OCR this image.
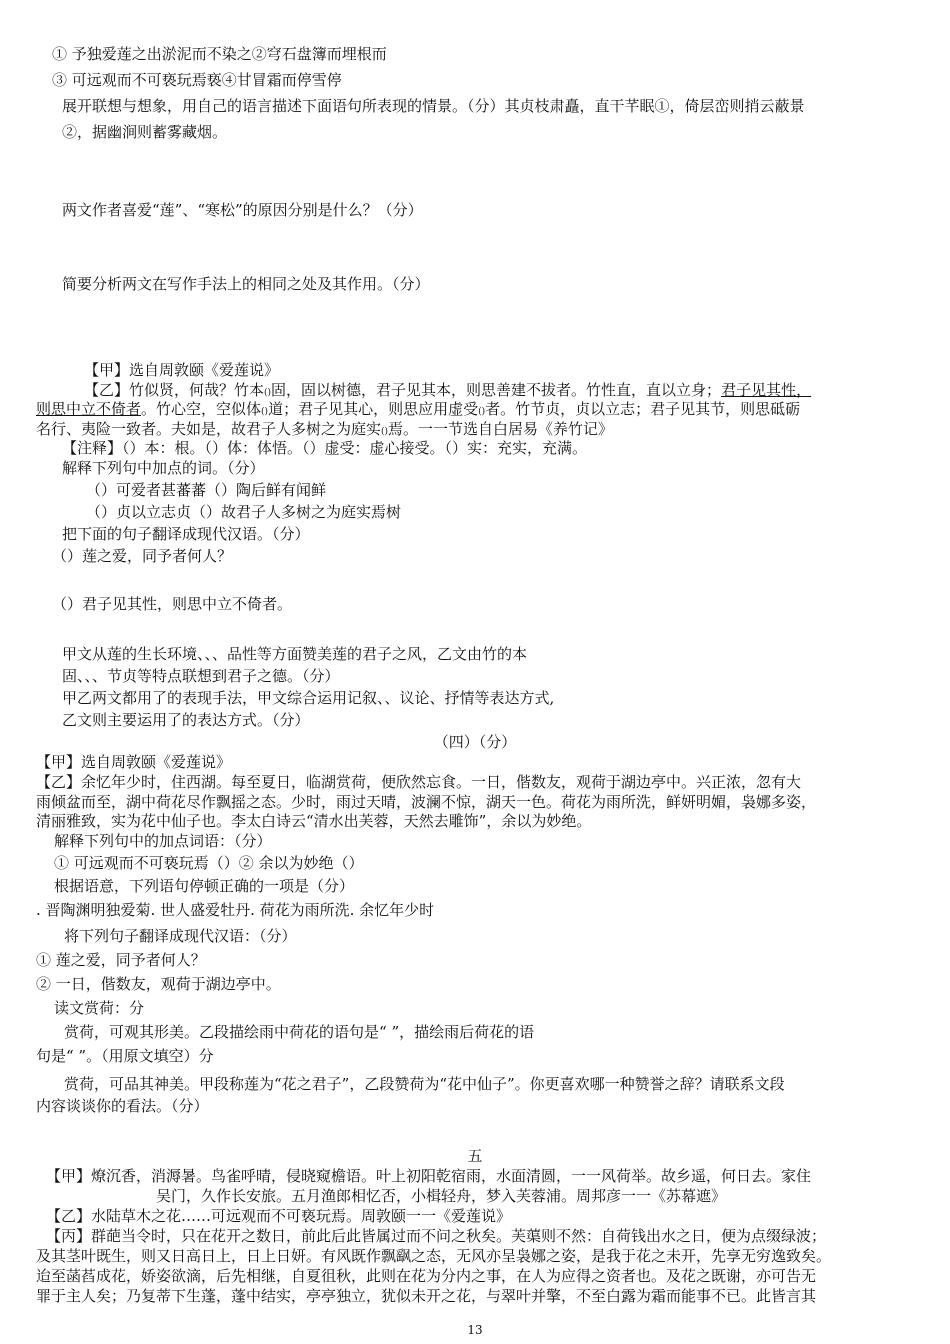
① 予独爱莲之出淤泥而不染之②穹石盘簿而埋根而
③ 可远观而不可亵玩焉亵④甘冒霜而停雪停
展开联想与想象，用自己的语言描述下面语句所表现的情景。（分）其贞枝肃矗，直干芊眠①，倚层峦则捎云蔽景
②，据幽涧则蓄雾藏烟。
两文作者喜爱“莲”、“寒松”的原因分别是什么？（分）
简要分析两文在写作手法上的相同之处及其作用。（分）
【甲】选自周敦颐《爱莲说》
【乙】竹似贤，何哉？竹本()固，固以树德，君子见其本，则思善建不拔者。竹性直，直以立身；君子见其性，
则思中立不倚者。竹心空，空似体()道；君子见其心，则思应用虚受()者。竹节贞，贞以立志；君子见其节，则思砥砺
名行、夷险一致者。夫如是，故君子人多树之为庭实()焉。一一节选自白居易《养竹记》
【注释】（）本：根。（）体：体悟。（）虚受：虚心接受。（）实：充实，充满。
解释下列句中加点的词。（分）
（）可爱者甚蕃蕃（）陶后鲜有闻鲜
（）贞以立志贞（）故君子人多树之为庭实焉树
把下面的句子翻译成现代汉语。（分）
（）莲之爱，同予者何人？
（）君子见其性，则思中立不倚者。
甲文从莲的生长环境、、、品性等方面赞美莲的君子之风，乙文由竹的本
固、、、节贞等特点联想到君子之德。（分）
甲乙两文都用了的表现手法，甲文综合运用记叙、、议论、抒情等表达方式,
乙文则主要运用了的表达方式。（分）
（四）（分）
【甲】选自周敦颐《爱莲说》
【乙】余忆年少时，住西湖。每至夏日，临湖赏荷，便欣然忘食。一日，偕数友，观荷于湖边亭中。兴正浓，忽有大
雨倾盆而至，湖中荷花尽作飘摇之态。少时，雨过天晴，波澜不惊，湖天一色。荷花为雨所洗，鲜妍明媚，袅娜多姿，
清丽雅致，实为花中仙子也。李太白诗云“清水出芙蓉，天然去雕饰”，余以为妙绝。
解释下列句中的加点词语：（分）
① 可远观而不可亵玩焉（）② 余以为妙绝（）
根据语意，下列语句停顿正确的一项是（分）
. 晋陶渊明独爱菊. 世人盛爱牡丹. 荷花为雨所洗. 余忆年少时
将下列句子翻译成现代汉语：（分）
① 莲之爱，同予者何人？
② 一日，偕数友，观荷于湖边亭中。
读文赏荷：分
赏荷，可观其形美。乙段描绘雨中荷花的语句是“ ”，描绘雨后荷花的语
句是“ ”。（用原文填空）分
赏荷，可品其神美。甲段称莲为“花之君子”，乙段赞荷为“花中仙子”。你更喜欢哪一种赞誉之辞？请联系文段
内容谈谈你的看法。（分）
五
【甲】燎沉香，消溽暑。鸟雀呼晴，侵晓窥檐语。叶上初阳乾宿雨，水面清圆，一一风荷举。故乡遥，何日去。家住
吴门，久作长安旅。五月渔郎相忆否，小楫轻舟，梦入芙蓉浦。周邦彦一一《苏幕遮》
【乙】水陆草木之花……可远观而不可亵玩焉。周敦颐一一《爱莲说》
【丙】群葩当令时，只在花开之数日，前此后此皆属过而不问之秋矣。芙蕖则不然：自荷钱出水之日，便为点缀绿波；
及其茎叶既生，则又日高日上，日上日妍。有风既作飘飖之态，无风亦呈袅娜之姿，是我于花之未开，先享无穷逸致矣。
迨至菡萏成花，娇姿欲滴，后先相继，自夏徂秋，此则在花为分内之事，在人为应得之资者也。及花之既谢，亦可告无
罪于主人矣；乃复蒂下生蓬，蓬中结实，亭亭独立，犹似未开之花，与翠叶并擎，不至白露为霜而能事不已。此皆言其
13
